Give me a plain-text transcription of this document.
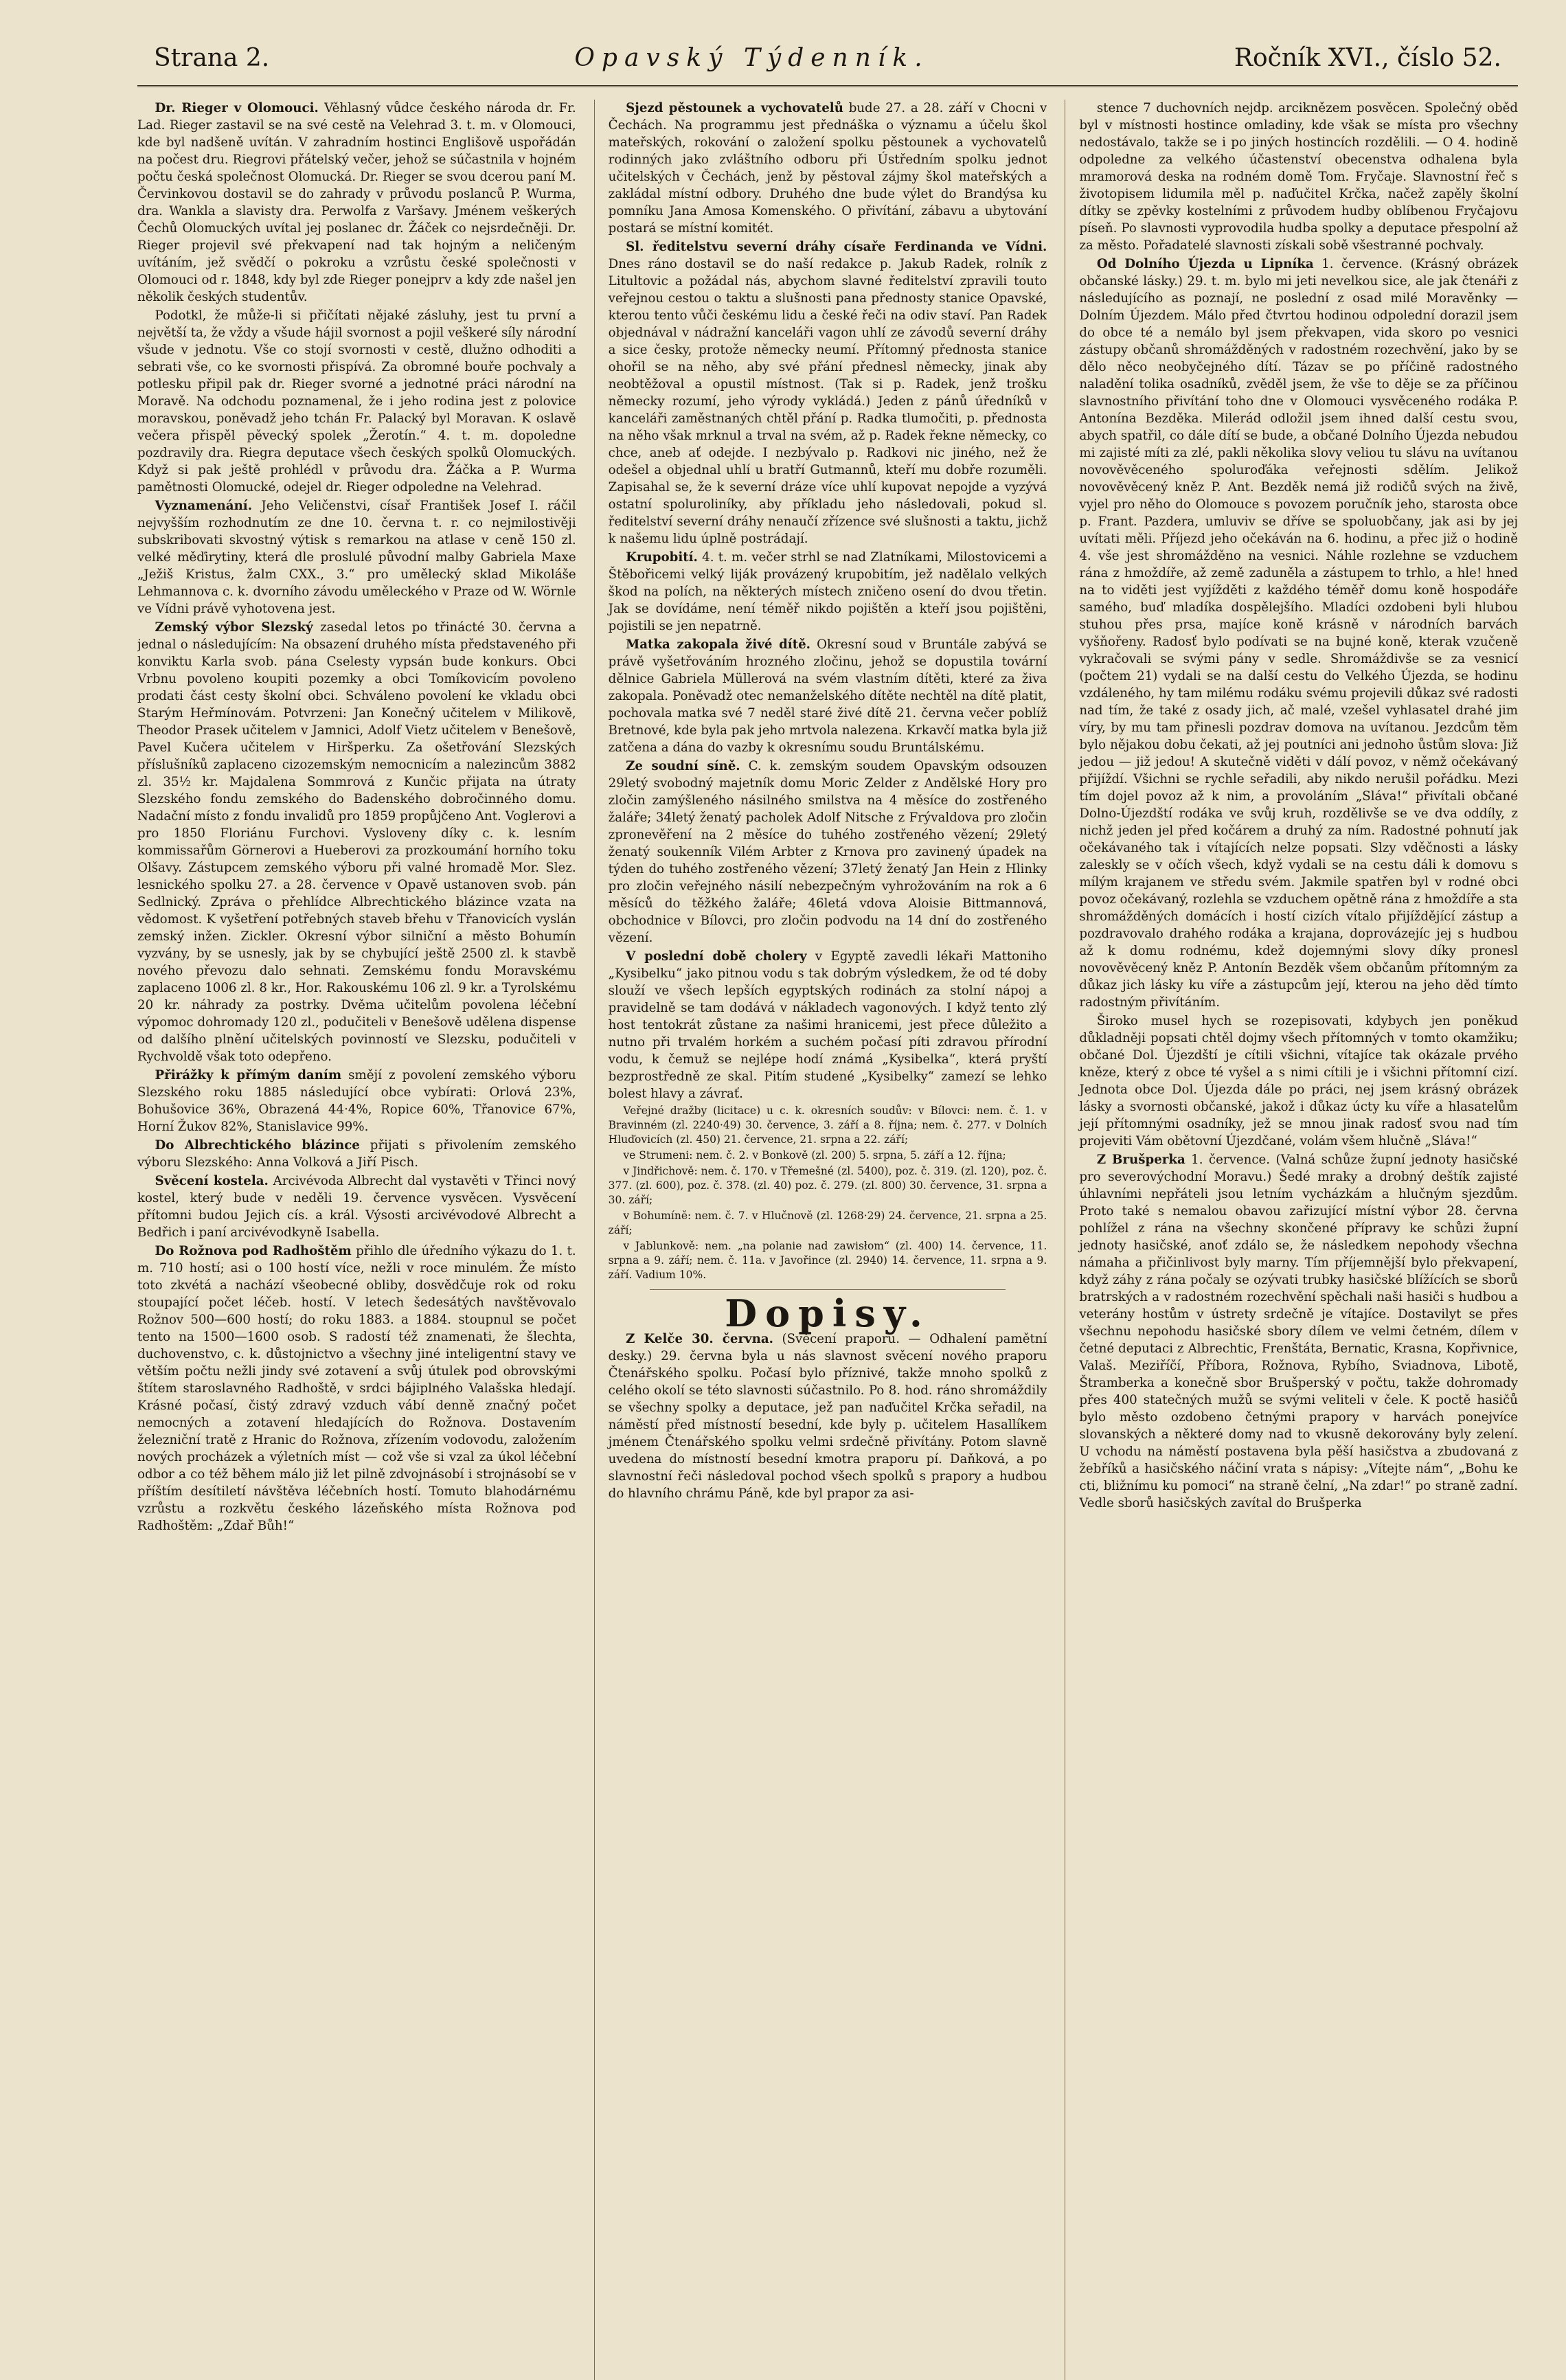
Strana 2.	Opavský Týdenník.	Ročník XVI., číslo 52.

Dr. Rieger v Olomouci. Věhlasný vůdce českého národa dr. Fr. Lad. Rieger zastavil se na své cestě na Velehrad 3. t. m. v Olomouci, kde byl nadšeně uvítán. V zahradním hostinci Englišově uspořádán na počest dru. Riegrovi přátelský večer, jehož se súčastnila v hojném počtu česká společnost Olomucká. Dr. Rieger se svou dcerou paní M. Červinkovou dostavil se do zahrady v průvodu poslanců P. Wurma, dra. Wankla a slavisty dra. Perwolfa z Varšavy. Jménem veškerých Čechů Olomuckých uvítal jej poslanec dr. Žáček co nejsrdečněji. Dr. Rieger projevil své překvapení nad tak hojným a neličeným uvítáním, jež svědčí o pokroku a vzrůstu české společnosti v Olomouci od r. 1848, kdy byl zde Rieger ponejprv a kdy zde našel jen několik českých studentův.

Podotkl, že může-li si přičítati nějaké zásluhy, jest tu první a největší ta, že vždy a všude hájil svornost a pojil veškeré síly národní všude v jednotu. Vše co stojí svornosti v cestě, dlužno odhoditi a sebrati vše, co ke svornosti přispívá. Za obromné bouře pochvaly a potlesku připil pak dr. Rieger svorné a jednotné práci národní na Moravě. Na odchodu poznamenal, že i jeho rodina jest z polovice moravskou, poněvadž jeho tchán Fr. Palacký byl Moravan. K oslavě večera přispěl pěvecký spolek „Žerotín.“ 4. t. m. dopoledne pozdravily dra. Riegra deputace všech českých spolků Olomuckých. Když si pak ještě prohlédl v průvodu dra. Žáčka a P. Wurma pamětnosti Olomucké, odejel dr. Rieger odpoledne na Velehrad.

Vyznamenání. Jeho Veličenstvi, císař František Josef I. ráčil nejvyšším rozhodnutím ze dne 10. června t. r. co nejmilostivěji subskribovati skvostný výtisk s remarkou na atlase v ceně 150 zl. velké měďirytiny, která dle proslulé původní malby Gabriela Maxe „Ježiš Kristus, žalm CXX., 3.“ pro umělecký sklad Mikoláše Lehmannova c. k. dvorního závodu uměleckého v Praze od W. Wörnle ve Vídni právě vyhotovena jest.

Zemský výbor Slezský zasedal letos po třinácté 30. června a jednal o následujícím: Na obsazení druhého místa představeného při konviktu Karla svob. pána Cselesty vypsán bude konkurs. Obci Vrbnu povoleno koupiti pozemky a obci Tomíkovicím povoleno prodati část cesty školní obci. Schváleno povolení ke vkladu obci Starým Heřmínovám. Potvrzeni: Jan Konečný učitelem v Milikově, Theodor Prasek učitelem v Jamnici, Adolf Vietz učitelem v Benešově, Pavel Kučera učitelem v Hiršperku. Za ošetřování Slezských příslušníků zaplaceno cizozemským nemocnicím a nalezincům 3882 zl. 35½ kr. Majdalena Sommrová z Kunčic přijata na útraty Slezského fondu zemského do Badenského dobročinného domu. Nadační místo z fondu invalidů pro 1859 propůjčeno Ant. Voglerovi a pro 1850 Floriánu Furchovi. Vysloveny díky c. k. lesním kommissařům Görnerovi a Hueberovi za prozkoumání horního toku Olšavy. Zástupcem zemského výboru při valné hromadě Mor. Slez. lesnického spolku 27. a 28. července v Opavě ustanoven svob. pán Sedlnický. Zpráva o přehlídce Albrechtického blázince vzata na vědomost. K vyšetření potřebných staveb břehu v Třanovicích vyslán zemský inžen. Zickler. Okresní výbor silniční a město Bohumín vyzvány, by se usnesly, jak by se chybující ještě 2500 zl. k stavbě nového převozu dalo sehnati. Zemskému fondu Moravskému zaplaceno 1006 zl. 8 kr., Hor. Rakouskému 106 zl. 9 kr. a Tyrolskému 20 kr. náhrady za postrky. Dvěma učitelům povolena léčební výpomoc dohromady 120 zl., podučiteli v Benešově udělena dispense od dalšího plnění učitelských povinností ve Slezsku, podučiteli v Rychvoldě však toto odepřeno.

Přirážky k přímým daním smějí z povolení zemského výboru Slezského roku 1885 následující obce vybírati: Orlová 23%, Bohušovice 36%, Obrazená 44·4%, Ropice 60%, Třanovice 67%, Horní Žukov 82%, Stanislavice 99%.

Do Albrechtického blázince přijati s přivolením zemského výboru Slezského: Anna Volková a Jiří Pisch.

Svěcení kostela. Arcivévoda Albrecht dal vystavěti v Třinci nový kostel, který bude v neděli 19. července vysvěcen. Vysvěcení přítomni budou Jejich cís. a král. Výsosti arcivévodové Albrecht a Bedřich i paní arcivévodkyně Isabella.

Do Rožnova pod Radhoštěm přihlo dle úředního výkazu do 1. t. m. 710 hostí; asi o 100 hostí více, nežli v roce minulém. Že místo toto zkvétá a nachází všeobecné obliby, dosvědčuje rok od roku stoupající počet léčeb. hostí. V letech šedesátých navštěvovalo Rožnov 500—600 hostí; do roku 1883. a 1884. stoupnul se počet tento na 1500—1600 osob. S radostí též znamenati, že šlechta, duchovenstvo, c. k. důstojnictvo a všechny jiné inteligentní stavy ve větším počtu nežli jindy své zotavení a svůj útulek pod obrovskými štítem staroslavného Radhoště, v srdci bájiplného Valašska hledají. Krásné počasí, čistý zdravý vzduch vábí denně značný počet nemocných a zotavení hledajících do Rožnova. Dostavením železniční tratě z Hranic do Rožnova, zřízením vodovodu, založením nových procházek a výletních míst — což vše si vzal za úkol léčební odbor a co též během málo již let pilně zdvojnásobí i strojnásobí se v příštím desítiletí návštěva léčebních hostí. Tomuto blahodárnému vzrůstu a rozkvětu českého lázeňského místa Rožnova pod Radhoštěm: „Zdař Bůh!“

Sjezd pěstounek a vychovatelů bude 27. a 28. září v Chocni v Čechách. Na programmu jest přednáška o významu a účelu škol mateřských, rokování o založení spolku pěstounek a vychovatelů rodinných jako zvláštního odboru při Ústředním spolku jednot učitelských v Čechách, jenž by pěstoval zájmy škol mateřských a zakládal místní odbory. Druhého dne bude výlet do Brandýsa ku pomníku Jana Amosa Komenského. O přivítání, zábavu a ubytování postará se místní komitét.

Sl. ředitelstvu severní dráhy císaře Ferdinanda ve Vídni. Dnes ráno dostavil se do naší redakce p. Jakub Radek, rolník z Litultovic a požádal nás, abychom slavné ředitelství zpravili touto veřejnou cestou o taktu a slušnosti pana přednosty stanice Opavské, kterou tento vůči českému lidu a české řeči na odiv staví. Pan Radek objednával v nádražní kanceláři vagon uhlí ze závodů severní dráhy a sice česky, protože německy neumí. Přítomný přednosta stanice ohořil se na něho, aby své přání přednesl německy, jinak aby neobtěžoval a opustil místnost. (Tak si p. Radek, jenž trošku německy rozumí, jeho výrody vykládá.) Jeden z pánů úředníků v kanceláři zaměstnaných chtěl přání p. Radka tlumočiti, p. přednosta na něho však mrknul a trval na svém, až p. Radek řekne německy, co chce, aneb ať odejde. I nezbývalo p. Radkovi nic jiného, než že odešel a objednal uhlí u bratří Gutmannů, kteří mu dobře rozuměli. Zapisahal se, že k severní dráze více uhlí kupovat nepojde a vyzývá ostatní spoluroliníky, aby příkladu jeho následovali, pokud sl. ředitelství severní dráhy nenaučí zřízence své slušnosti a taktu, jichž k našemu lidu úplně postrádají.

Krupobití. 4. t. m. večer strhl se nad Zlatníkami, Milostovicemi a Štěbořicemi velký liják provázený krupobitím, jež nadělalo velkých škod na polích, na některých místech zničeno osení do dvou třetin. Jak se dovídáme, není téměř nikdo pojištěn a kteří jsou pojištěni, pojistili se jen nepatrně.

Matka zakopala živé dítě. Okresní soud v Bruntále zabývá se právě vyšetřováním hrozného zločinu, jehož se dopustila tovární dělnice Gabriela Müllerová na svém vlastním dítěti, které za živa zakopala. Poněvadž otec nemanželského dítěte nechtěl na dítě platit, pochovala matka své 7 neděl staré živé dítě 21. června večer poblíž Bretnové, kde byla pak jeho mrtvola nalezena. Krkavčí matka byla již zatčena a dána do vazby k okresnímu soudu Bruntálskému.

Ze soudní síně. C. k. zemským soudem Opavským odsouzen 29letý svobodný majetník domu Moric Zelder z Andělské Hory pro zločin zamýšleného násilného smilstva na 4 měsíce do zostřeného žaláře; 34letý ženatý pacholek Adolf Nitsche z Frývaldova pro zločin zpronevěření na 2 měsíce do tuhého zostřeného vězení; 29letý ženatý soukenník Vilém Arbter z Krnova pro zavinený úpadek na týden do tuhého zostřeného vězení; 37letý ženatý Jan Hein z Hlinky pro zločin veřejného násilí nebezpečným vyhrožováním na rok a 6 měsíců do těžkého žaláře; 46letá vdova Aloisie Bittmannová, obchodnice v Bílovci, pro zločin podvodu na 14 dní do zostřeného vězení.

V poslední době cholery v Egyptě zavedli lékaři Mattoniho „Kysibelku“ jako pitnou vodu s tak dobrým výsledkem, že od té doby slouží ve všech lepších egyptských rodinách za stolní nápoj a pravidelně se tam dodává v nákladech vagonových. I když tento zlý host tentokrát zůstane za našimi hranicemi, jest přece důležito a nutno při trvalém horkém a suchém počasí píti zdravou přírodní vodu, k čemuž se nejlépe hodí známá „Kysibelka“, která pryští bezprostředně ze skal. Pitím studené „Kysibelky“ zamezí se lehko bolest hlavy a závrať.

Veřejné dražby (licitace) u c. k. okresních soudův: v Bílovci: nem. č. 1. v Bravinném (zl. 2240·49) 30. července, 3. září a 8. října; nem. č. 277. v Dolních Hluďovicích (zl. 450) 21. července, 21. srpna a 22. září;

ve Strumeni: nem. č. 2. v Bonkově (zl. 200) 5. srpna, 5. září a 12. října;

v Jindřichově: nem. č. 170. v Třemešné (zl. 5400), poz. č. 319. (zl. 120), poz. č. 377. (zl. 600), poz. č. 378. (zl. 40) poz. č. 279. (zl. 800) 30. července, 31. srpna a 30. září;

v Bohumíně: nem. č. 7. v Hlučnově (zl. 1268·29) 24. července, 21. srpna a 25. září;

v Jablunkově: nem. „na polanie nad zawisłom“ (zl. 400) 14. července, 11. srpna a 9. září; nem. č. 11a. v Javořince (zl. 2940) 14. července, 11. srpna a 9. září. Vadium 10%.

Dopisy.

Z Kelče 30. června. (Svěcení praporu. — Odhalení pamětní desky.) 29. června byla u nás slavnost svěcení nového praporu Čtenářského spolku. Počasí bylo příznivé, takže mnoho spolků z celého okolí se této slavnosti súčastnilo. Po 8. hod. ráno shromáždily se všechny spolky a deputace, jež pan naďučitel Krčka seřadil, na náměstí před místností besední, kde byly p. učitelem Hasallíkem jménem Čtenářského spolku velmi srdečně přivítány. Potom slavně uvedena do místností besední kmotra praporu pí. Daňková, a po slavnostní řeči následoval pochod všech spolků s prapory a hudbou do hlavního chrámu Páně, kde byl prapor za asi-

stence 7 duchovních nejdp. arciknězem posvěcen. Společný oběd byl v místnosti hostince omladiny, kde však se místa pro všechny nedostávalo, takže se i po jiných hostincích rozdělili. — O 4. hodině odpoledne za velkého účastenství obecenstva odhalena byla mramorová deska na rodném domě Tom. Fryčaje. Slavnostní řeč s životopisem lidumila měl p. naďučitel Krčka, načež zapěly školní dítky se zpěvky kostelními z průvodem hudby oblíbenou Fryčajovu píseň. Po slavnosti vyprovodila hudba spolky a deputace přespolní až za město. Pořadatelé slavnosti získali sobě všestranné pochvaly.

Od Dolního Újezda u Lipníka 1. července. (Krásný obrázek občanské lásky.) 29. t. m. bylo mi jeti nevelkou sice, ale jak čtenáři z následujícího as poznají, ne poslední z osad milé Moravěnky — Dolním Újezdem. Málo před čtvrtou hodinou odpolední dorazil jsem do obce té a nemálo byl jsem překvapen, vida skoro po vesnici zástupy občanů shromážděných v radostném rozechvění, jako by se dělo něco neobyčejného dítí. Tázav se po příčině radostného naladění tolika osadníků, zvěděl jsem, že vše to děje se za příčinou slavnostního přivítání toho dne v Olomouci vysvěceného rodáka P. Antonína Bezděka. Milerád odložil jsem ihned další cestu svou, abych spatřil, co dále dítí se bude, a občané Dolního Újezda nebudou mi zajisté míti za zlé, pakli několika slovy veliou tu slávu na uvítanou novověvěceného spoluroďáka veřejnosti sdělím. Jelikož novověvěcený kněz P. Ant. Bezděk nemá již rodičů svých na živě, vyjel pro něho do Olomouce s povozem poručník jeho, starosta obce p. Frant. Pazdera, umluviv se dříve se spoluobčany, jak asi by jej uvítati měli. Příjezd jeho očekáván na 6. hodinu, a přec již o hodině 4. vše jest shromážděno na vesnici. Náhle rozlehne se vzduchem rána z hmoždíře, až země zaduněla a zástupem to trhlo, a hle! hned na to viděti jest vyjížděti z každého téměř domu koně hospodáře samého, buď mladíka dospělejšího. Mladíci ozdobeni byli hlubou stuhou přes prsa, majíce koně krásně v národních barvách vyšňořeny. Radosť bylo podívati se na bujné koně, kterak vzučeně vykračovali se svými pány v sedle. Shromáždivše se za vesnicí (počtem 21) vydali se na další cestu do Velkého Újezda, se hodinu vzdáleného, hy tam milému rodáku svému projevili důkaz své radosti nad tím, že také z osady jich, ač malé, vzešel vyhlasatel drahé jim víry, by mu tam přinesli pozdrav domova na uvítanou. Jezdcům těm bylo nějakou dobu čekati, až jej poutníci ani jednoho ůstům slova: Již jedou — již jedou! A skutečně viděti v dálí povoz, v němž očekávaný přijíždí. Všichni se rychle seřadili, aby nikdo nerušil pořádku. Mezi tím dojel povoz až k nim, a provoláním „Sláva!“ přivítali občané Dolno-Újezdští rodáka ve svůj kruh, rozdělivše se ve dva oddíly, z nichž jeden jel před kočárem a druhý za ním. Radostné pohnutí jak očekávaného tak i vítajících nelze popsati. Slzy vděčnosti a lásky zaleskly se v očích všech, když vydali se na cestu dáli k domovu s mílým krajanem ve středu svém. Jakmile spatřen byl v rodné obci povoz očekávaný, rozlehla se vzduchem opětně rána z hmoždíře a sta shromážděných domácích i hostí cizích vítalo přijíždějící zástup a pozdravovalo drahého rodáka a krajana, doprovázejíc jej s hudbou až k domu rodnému, kdež dojemnými slovy díky pronesl novověvěcený kněz P. Antonín Bezděk všem občanům přítomným za důkaz jich lásky ku víře a zástupcům její, kterou na jeho děd tímto radostným přivítáním.

Široko musel hych se rozepisovati, kdybych jen poněkud důkladněji popsati chtěl dojmy všech přítomných v tomto okamžiku; občané Dol. Újezdští je cítili všichni, vítajíce tak okázale prvého kněze, který z obce té vyšel a s nimi cítili je i všichni přítomní cizí. Jednota obce Dol. Újezda dále po práci, nej jsem krásný obrázek lásky a svornosti občanské, jakož i důkaz úcty ku víře a hlasatelům její přítomnými osadníky, jež se mnou jinak radosť svou nad tím projeviti Vám obětovní Újezdčané, volám všem hlučně „Sláva!“

Z Brušperka 1. července. (Valná schůze župní jednoty hasičské pro severovýchodní Moravu.) Šedé mraky a drobný deštík zajisté úhlavními nepřáteli jsou letním vycházkám a hlučným sjezdům. Proto také s nemalou obavou zařizující místní výbor 28. června pohlížel z rána na všechny skončené přípravy ke schůzi župní jednoty hasičské, anoť zdálo se, že následkem nepohody všechna námaha a přičinlivost byly marny. Tím příjemnější bylo překvapení, když záhy z rána počaly se ozývati trubky hasičské blížících se sborů bratrských a v radostném rozechvění spěchali naši hasiči s hudbou a veterány hostům v ústrety srdečně je vítajíce. Dostavilyt se přes všechnu nepohodu hasičské sbory dílem ve velmi četném, dílem v četné deputaci z Albrechtic, Frenštáta, Bernatic, Krasna, Kopřivnice, Valaš. Meziříčí, Příbora, Rožnova, Rybího, Sviadnova, Libotě, Štramberka a konečně sbor Brušperský v počtu, takže dohromady přes 400 statečných mužů se svými veliteli v čele. K poctě hasičů bylo město ozdobeno četnými prapory v harvách ponejvíce slovanských a některé domy nad to vkusně dekorovány byly zelení. U vchodu na náměstí postavena byla pěší hasičstva a zbudovaná z žebříků a hasičského náčiní vrata s nápisy: „Vítejte nám“, „Bohu ke cti, bližnímu ku pomoci“ na straně čelní, „Na zdar!“ po straně zadní. Vedle sborů hasičských zavítal do Brušperka
